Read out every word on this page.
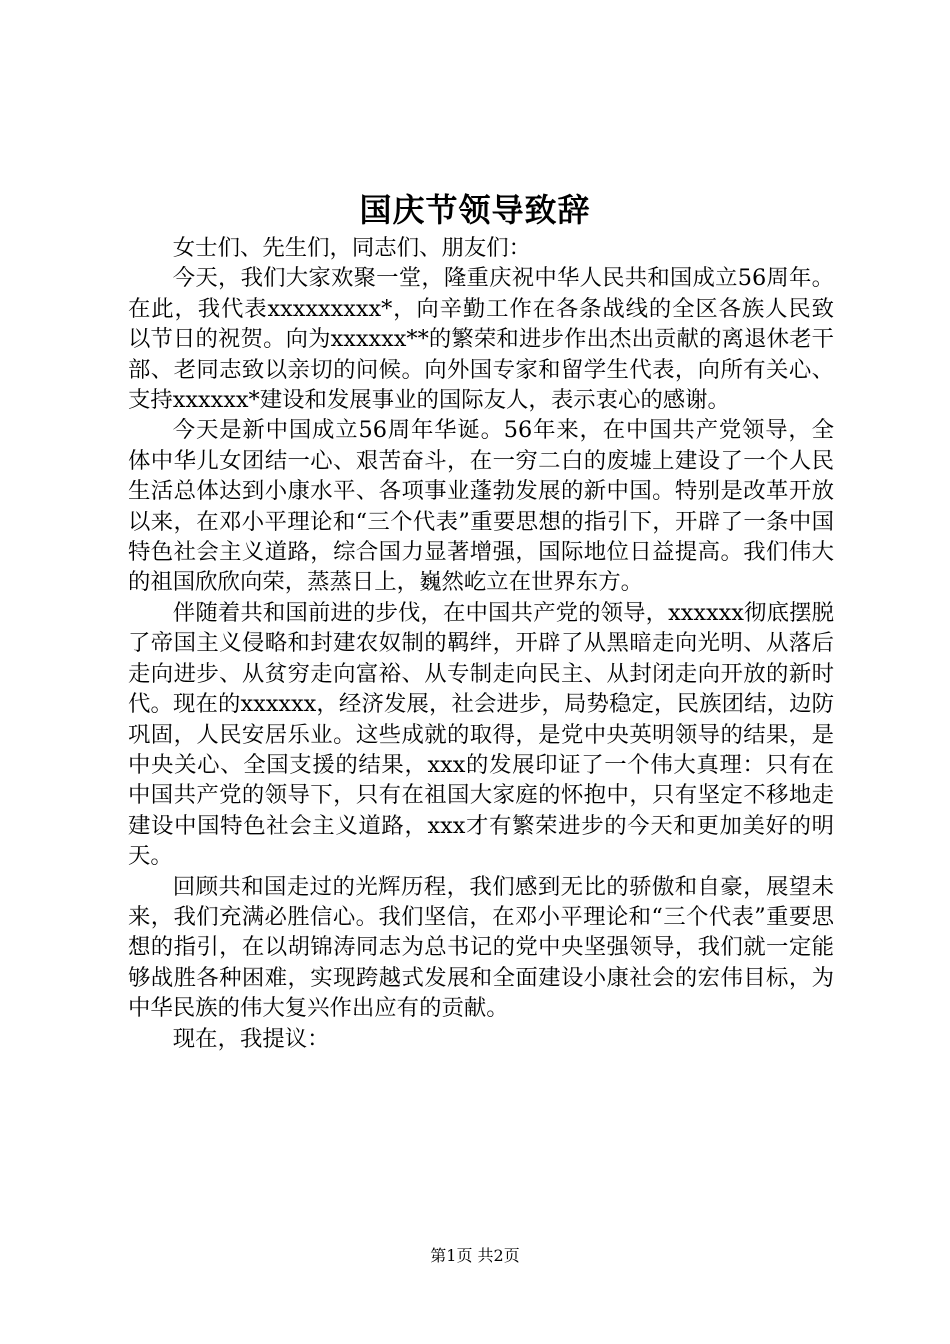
国庆节领导致辞

女士们、先生们，同志们、朋友们：

今天，我们大家欢聚一堂，隆重庆祝中华人民共和国成立56周年。在此，我代表xxxxxxxxx*，向辛勤工作在各条战线的全区各族人民致以节日的祝贺。向为xxxxxx**的繁荣和进步作出杰出贡献的离退休老干部、老同志致以亲切的问候。向外国专家和留学生代表，向所有关心、支持xxxxxx*建设和发展事业的国际友人，表示衷心的感谢。

今天是新中国成立56周年华诞。56年来，在中国共产党领导，全体中华儿女团结一心、艰苦奋斗，在一穷二白的废墟上建设了一个人民生活总体达到小康水平、各项事业蓬勃发展的新中国。特别是改革开放以来，在邓小平理论和“三个代表”重要思想的指引下，开辟了一条中国特色社会主义道路，综合国力显著增强，国际地位日益提高。我们伟大的祖国欣欣向荣，蒸蒸日上，巍然屹立在世界东方。

伴随着共和国前进的步伐，在中国共产党的领导，xxxxxx彻底摆脱了帝国主义侵略和封建农奴制的羁绊，开辟了从黑暗走向光明、从落后走向进步、从贫穷走向富裕、从专制走向民主、从封闭走向开放的新时代。现在的xxxxxx，经济发展，社会进步，局势稳定，民族团结，边防巩固，人民安居乐业。这些成就的取得，是党中央英明领导的结果，是中央关心、全国支援的结果，xxx的发展印证了一个伟大真理：只有在中国共产党的领导下，只有在祖国大家庭的怀抱中，只有坚定不移地走建设中国特色社会主义道路，xxx才有繁荣进步的今天和更加美好的明天。

回顾共和国走过的光辉历程，我们感到无比的骄傲和自豪，展望未来，我们充满必胜信心。我们坚信，在邓小平理论和“三个代表”重要思想的指引，在以胡锦涛同志为总书记的党中央坚强领导，我们就一定能够战胜各种困难，实现跨越式发展和全面建设小康社会的宏伟目标，为中华民族的伟大复兴作出应有的贡献。

现在，我提议：

第1页 共2页
